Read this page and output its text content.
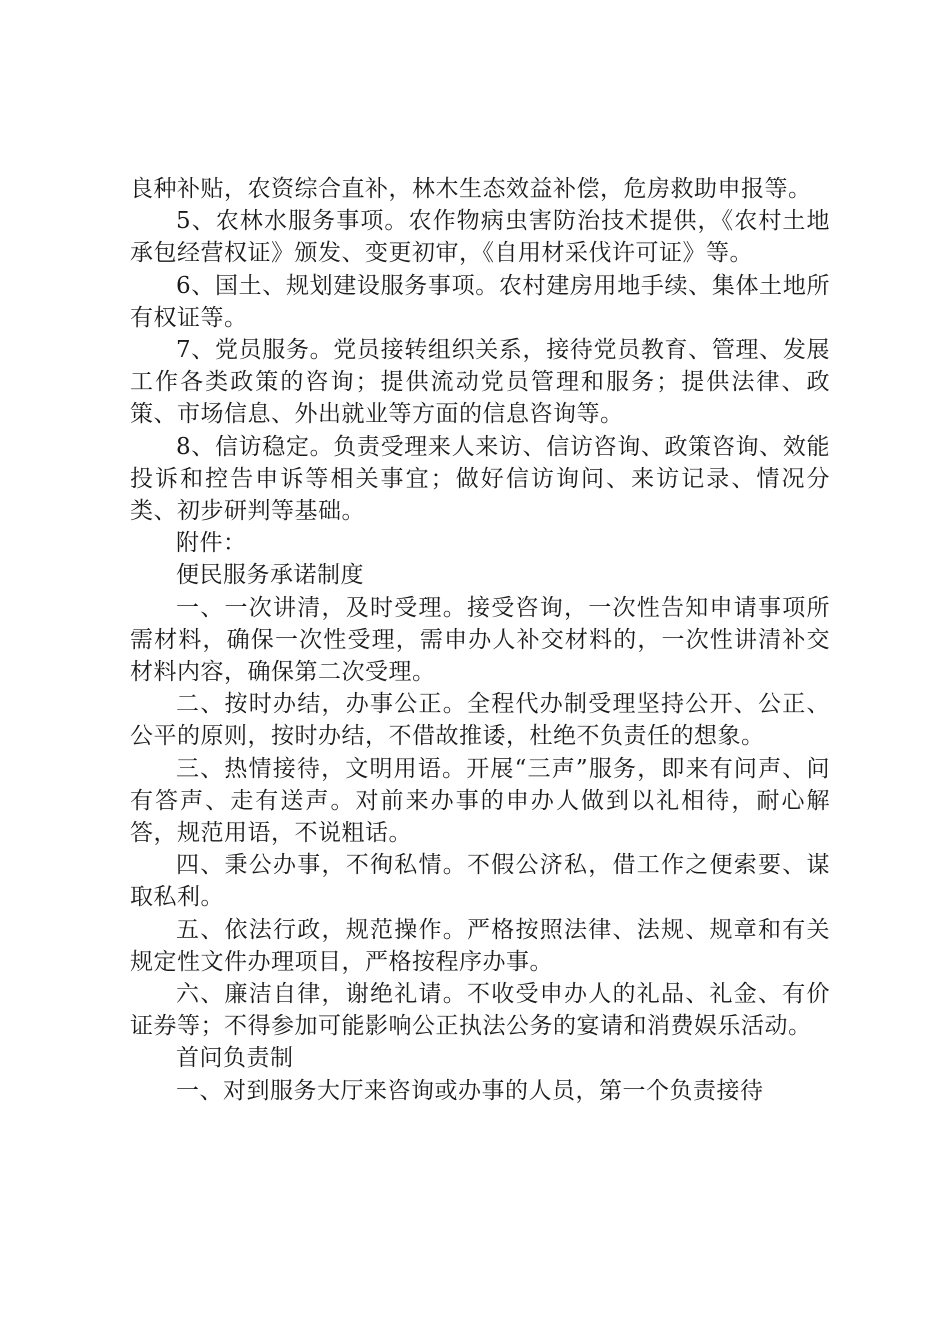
良种补贴，农资综合直补，林木生态效益补偿，危房救助申报等。

5、农林水服务事项。农作物病虫害防治技术提供，《农村土地承包经营权证》颁发、变更初审，《自用材采伐许可证》等。

6、国土、规划建设服务事项。农村建房用地手续、集体土地所有权证等。

7、党员服务。党员接转组织关系，接待党员教育、管理、发展工作各类政策的咨询；提供流动党员管理和服务；提供法律、政策、市场信息、外出就业等方面的信息咨询等。

8、信访稳定。负责受理来人来访、信访咨询、政策咨询、效能投诉和控告申诉等相关事宜；做好信访询问、来访记录、情况分类、初步研判等基础。

附件：

便民服务承诺制度

一、一次讲清，及时受理。接受咨询，一次性告知申请事项所需材料，确保一次性受理，需申办人补交材料的，一次性讲清补交材料内容，确保第二次受理。

二、按时办结，办事公正。全程代办制受理坚持公开、公正、公平的原则，按时办结，不借故推诿，杜绝不负责任的想象。

三、热情接待，文明用语。开展“三声”服务，即来有问声、问有答声、走有送声。对前来办事的申办人做到以礼相待，耐心解答，规范用语，不说粗话。

四、秉公办事，不徇私情。不假公济私，借工作之便索要、谋取私利。

五、依法行政，规范操作。严格按照法律、法规、规章和有关规定性文件办理项目，严格按程序办事。

六、廉洁自律，谢绝礼请。不收受申办人的礼品、礼金、有价证券等；不得参加可能影响公正执法公务的宴请和消费娱乐活动。

首问负责制

一、对到服务大厅来咨询或办事的人员，第一个负责接待
